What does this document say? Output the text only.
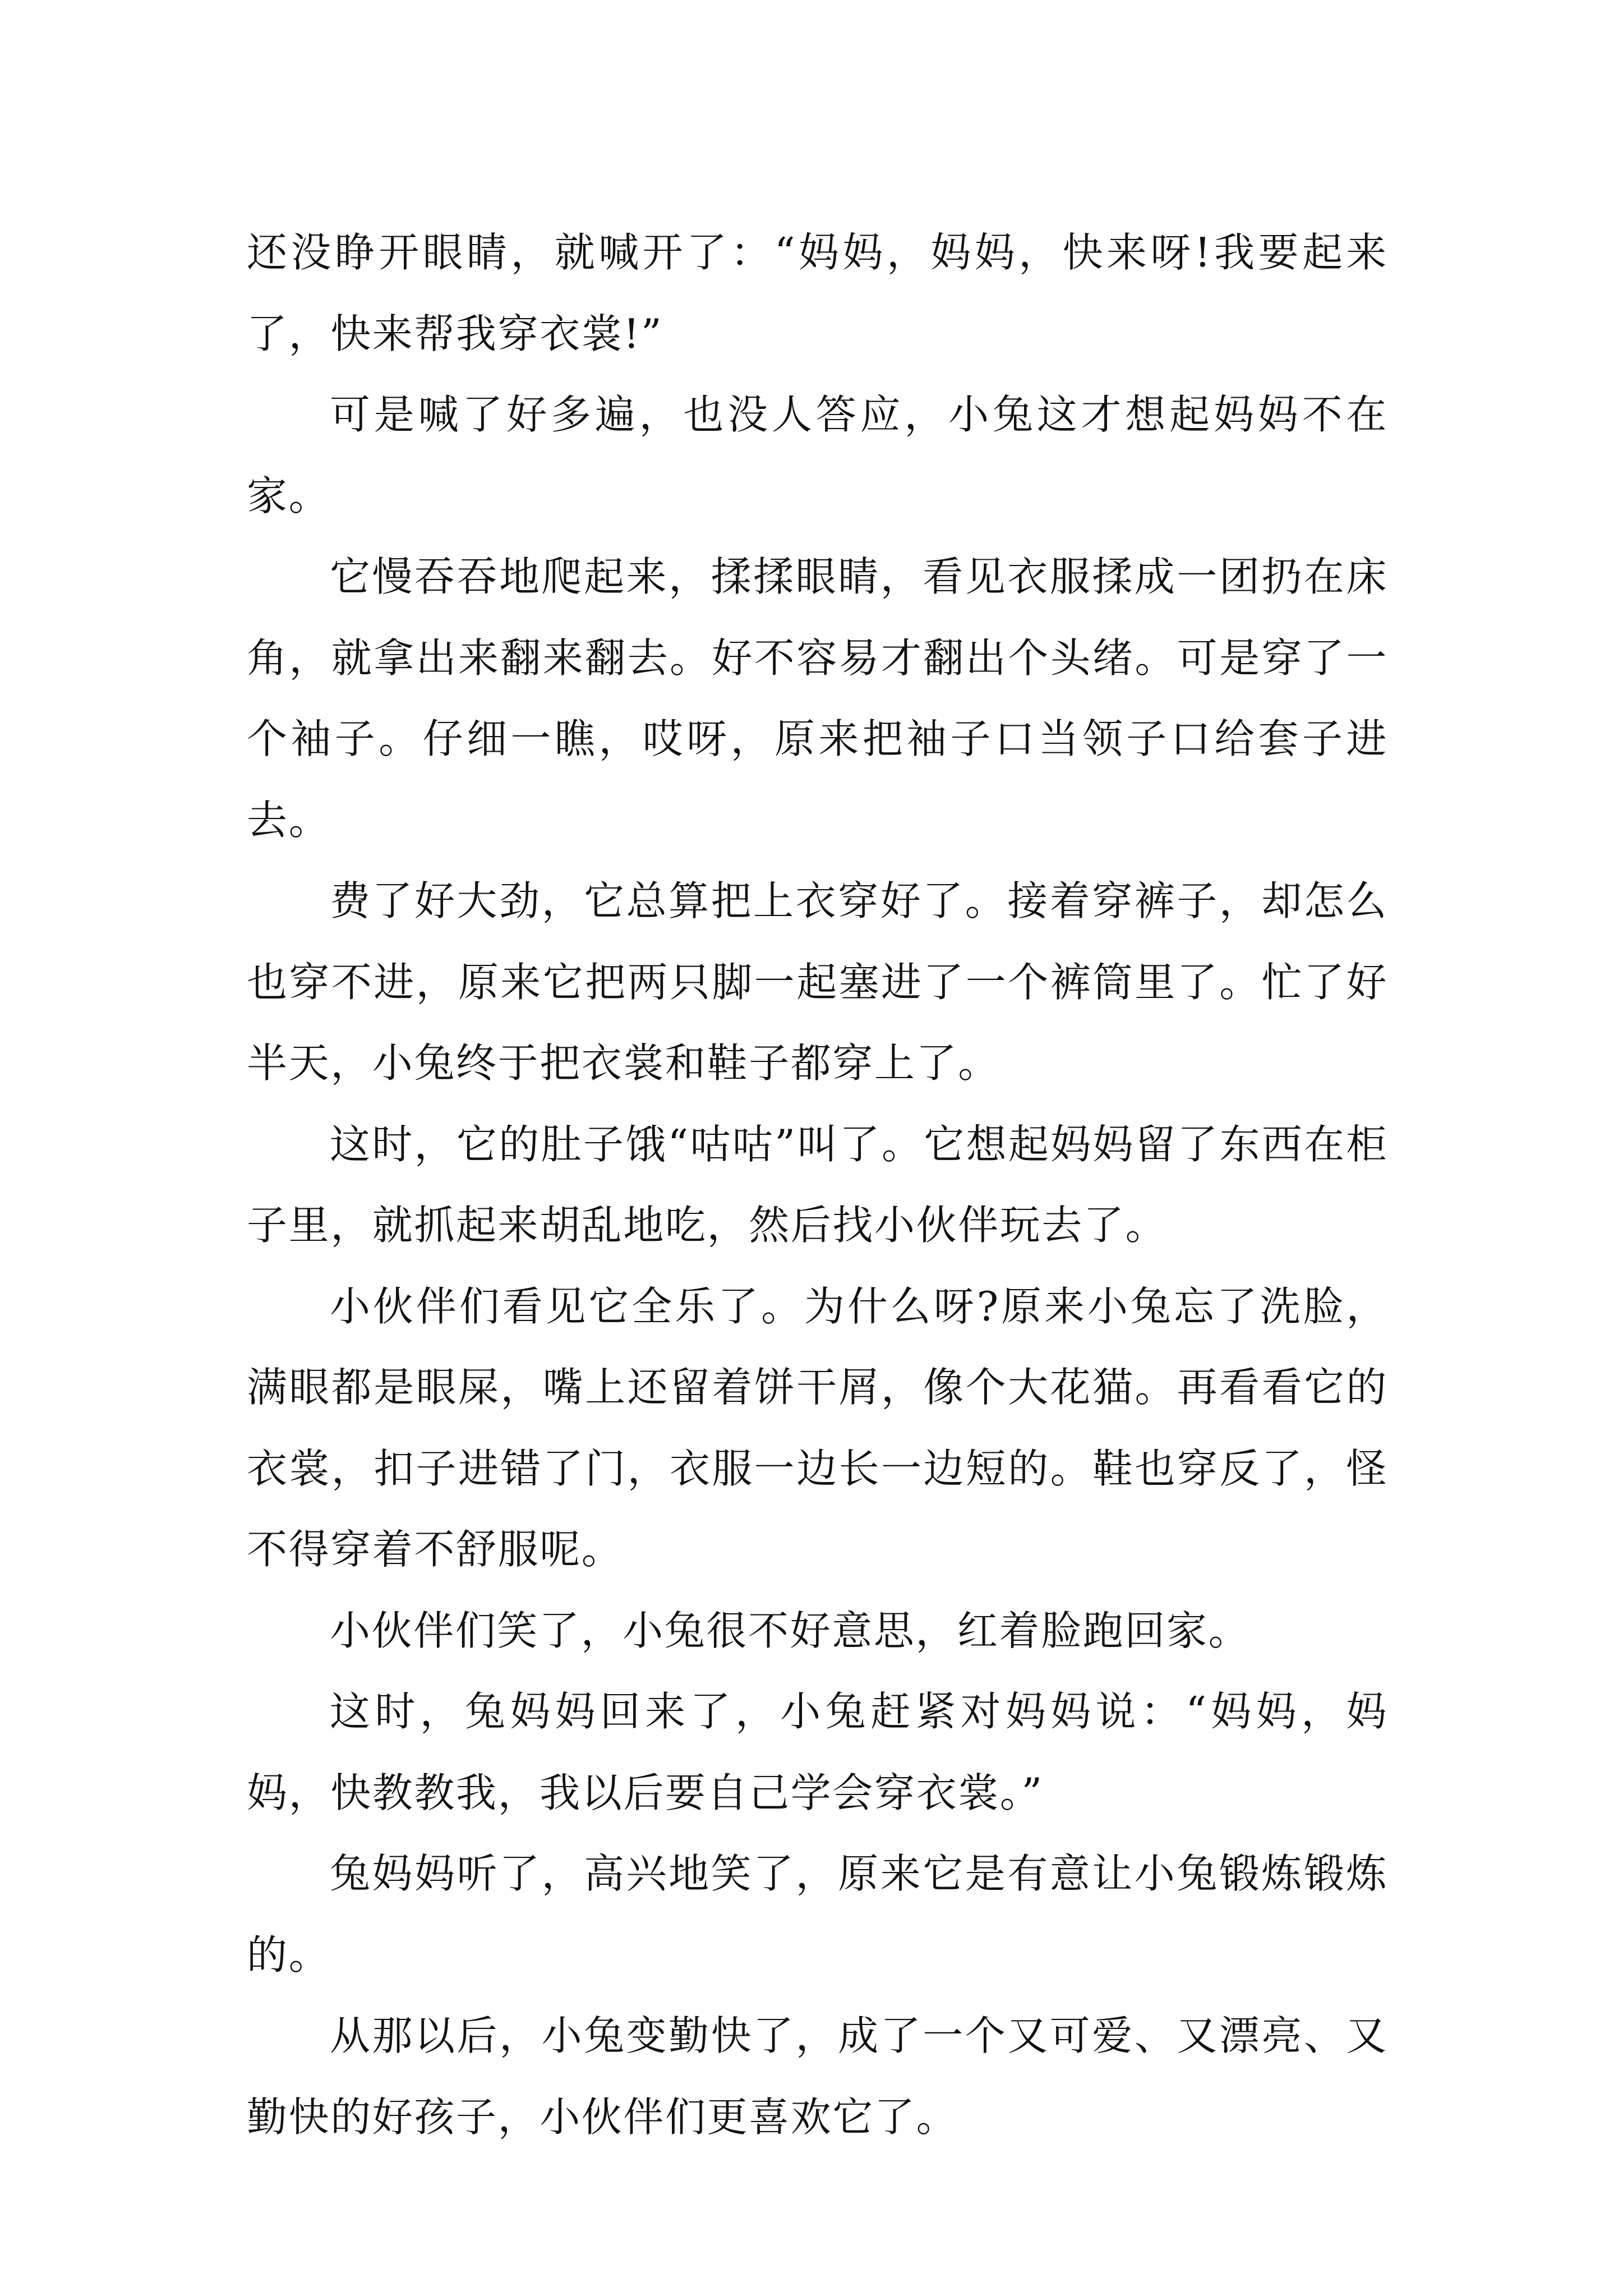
还没睁开眼睛，就喊开了：“妈妈，妈妈，快来呀!我要起来了，快来帮我穿衣裳!”

可是喊了好多遍，也没人答应，小兔这才想起妈妈不在家。

它慢吞吞地爬起来，揉揉眼睛，看见衣服揉成一团扔在床角，就拿出来翻来翻去。好不容易才翻出个头绪。可是穿了一个袖子。仔细一瞧，哎呀，原来把袖子口当领子口给套子进去。

费了好大劲，它总算把上衣穿好了。接着穿裤子，却怎么也穿不进，原来它把两只脚一起塞进了一个裤筒里了。忙了好半天，小兔终于把衣裳和鞋子都穿上了。

这时，它的肚子饿“咕咕”叫了。它想起妈妈留了东西在柜子里，就抓起来胡乱地吃，然后找小伙伴玩去了。

小伙伴们看见它全乐了。为什么呀?原来小兔忘了洗脸，满眼都是眼屎，嘴上还留着饼干屑，像个大花猫。再看看它的衣裳，扣子进错了门，衣服一边长一边短的。鞋也穿反了，怪不得穿着不舒服呢。

小伙伴们笑了，小兔很不好意思，红着脸跑回家。

这时，兔妈妈回来了，小兔赶紧对妈妈说：“妈妈，妈妈，快教教我，我以后要自己学会穿衣裳。”

兔妈妈听了，高兴地笑了，原来它是有意让小兔锻炼锻炼的。

从那以后，小兔变勤快了，成了一个又可爱、又漂亮、又勤快的好孩子，小伙伴们更喜欢它了。
